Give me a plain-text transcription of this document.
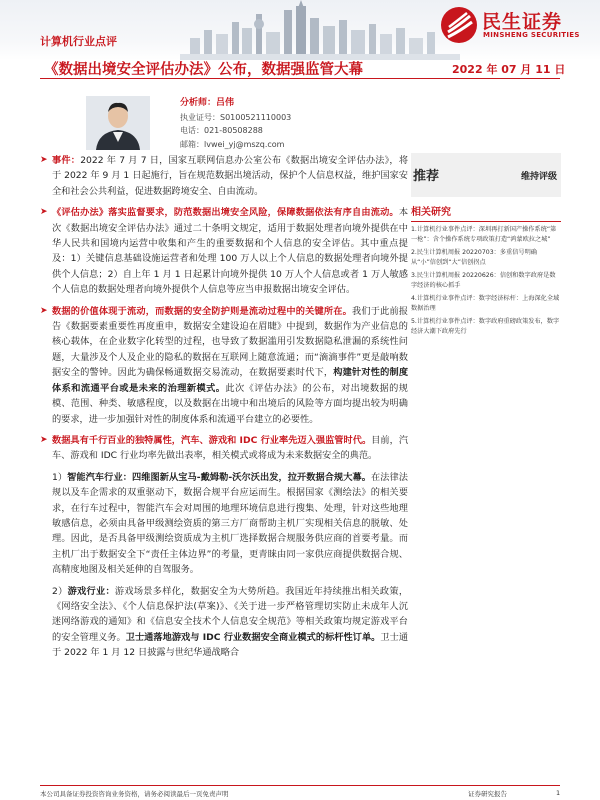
民生证券
MINSHENG SECURITIES
计算机行业点评
《数据出境安全评估办法》公布，数据强监管大幕	2022 年 07 月 11 日
分析师：吕伟
执业证号：S0100521110003
电话：021-80508288
邮箱：lvwei_yj@mszq.com
➤ 事件：2022 年 7 月 7 日，国家互联网信息办公室公布《数据出境安全评估办法》，将于 2022 年 9 月 1 日起施行，旨在规范数据出境活动，保护个人信息权益，维护国家安全和社会公共利益，促进数据跨境安全、自由流动。
➤ 《评估办法》落实监督要求，防范数据出境安全风险，保障数据依法有序自由流动。本次《数据出境安全评估办法》通过二十条明文规定，适用于数据处理者向境外提供在中华人民共和国境内运营中收集和产生的重要数据和个人信息的安全评估。其中重点提及：1）关键信息基础设施运营者和处理 100 万人以上个人信息的数据处理者向境外提供个人信息；2）自上年 1 月 1 日起累计向境外提供 10 万人个人信息或者 1 万人敏感个人信息的数据处理者向境外提供个人信息等应当申报数据出境安全评估。
➤ 数据的价值体现于流动，而数据的安全防护则是流动过程中的关键所在。我们于此前报告《数据要素重要性再度重申，数据安全建设迫在眉睫》中提到，数据作为产业信息的核心载体，在企业数字化转型的过程，也导致了数据滥用引发数据隐私泄漏的系统性问题，大量涉及个人及企业的隐私的数据在互联网上随意流通；而“滴滴事件”更是敲响数据安全的警钟。因此为确保畅通数据交易流动，在数据要素时代下，构建针对性的制度体系和流通平台或是未来的治理新模式。此次《评估办法》的公布，对出境数据的规模、范围、种类、敏感程度，以及数据在出境中和出境后的风险等方面均提出较为明确的要求，进一步加强针对性的制度体系和流通平台建立的必要性。
➤ 数据具有千行百业的独特属性，汽车、游戏和 IDC 行业率先迈入强监管时代。目前，汽车、游戏和 IDC 行业均率先做出表率，相关模式或将成为未来数据安全的典范。
1）智能汽车行业：四维图新从宝马-戴姆勒-沃尔沃出发，拉开数据合规大幕。在法律法规以及车企需求的双重驱动下，数据合规平台应运而生。根据国家《测绘法》的相关要求，在行车过程中，智能汽车会对周围的地理环境信息进行搜集、处理，针对这些地理敏感信息，必须由具备甲级测绘资质的第三方厂商帮助主机厂实现相关信息的脱敏、处理。因此，是否具备甲级测绘资质成为主机厂选择数据合规服务供应商的首要考量。而主机厂出于数据安全下“责任主体边界”的考量，更青睐由同一家供应商提供数据合规、高精度地图及相关延伸的自驾服务。
2）游戏行业：游戏场景多样化，数据安全为大势所趋。我国近年持续推出相关政策，《网络安全法》、《个人信息保护法(草案)》、《关于进一步严格管理切实防止未成年人沉迷网络游戏的通知》和《信息安全技术个人信息安全规范》等相关政策均规定游戏平台的安全管理义务。卫士通落地游戏与 IDC 行业数据安全商业模式的标杆性订单。卫士通于 2022 年 1 月 12 日披露与世纪华通战略合
推荐	维持评级
相关研究
1.计算机行业事件点评：深圳再打新国产操作系统“第一枪”：含个操作系统专项政策打造“鸿蒙欧拉之城”
2.民生计算机周报 20220703：多重信号明确从“小”信创到“大”信创拐点
3.民生计算机周报 20220626：信创和数字政府是数字经济的核心抓手
4.计算机行业事件点评：数字经济标杆：上海深化全域数据治理
5.计算机行业事件点评：数字政府重磅政策发布，数字经济大潮下政府先行
本公司具备证券投资咨询业务资格，请务必阅读最后一页免责声明	证券研究报告	1
